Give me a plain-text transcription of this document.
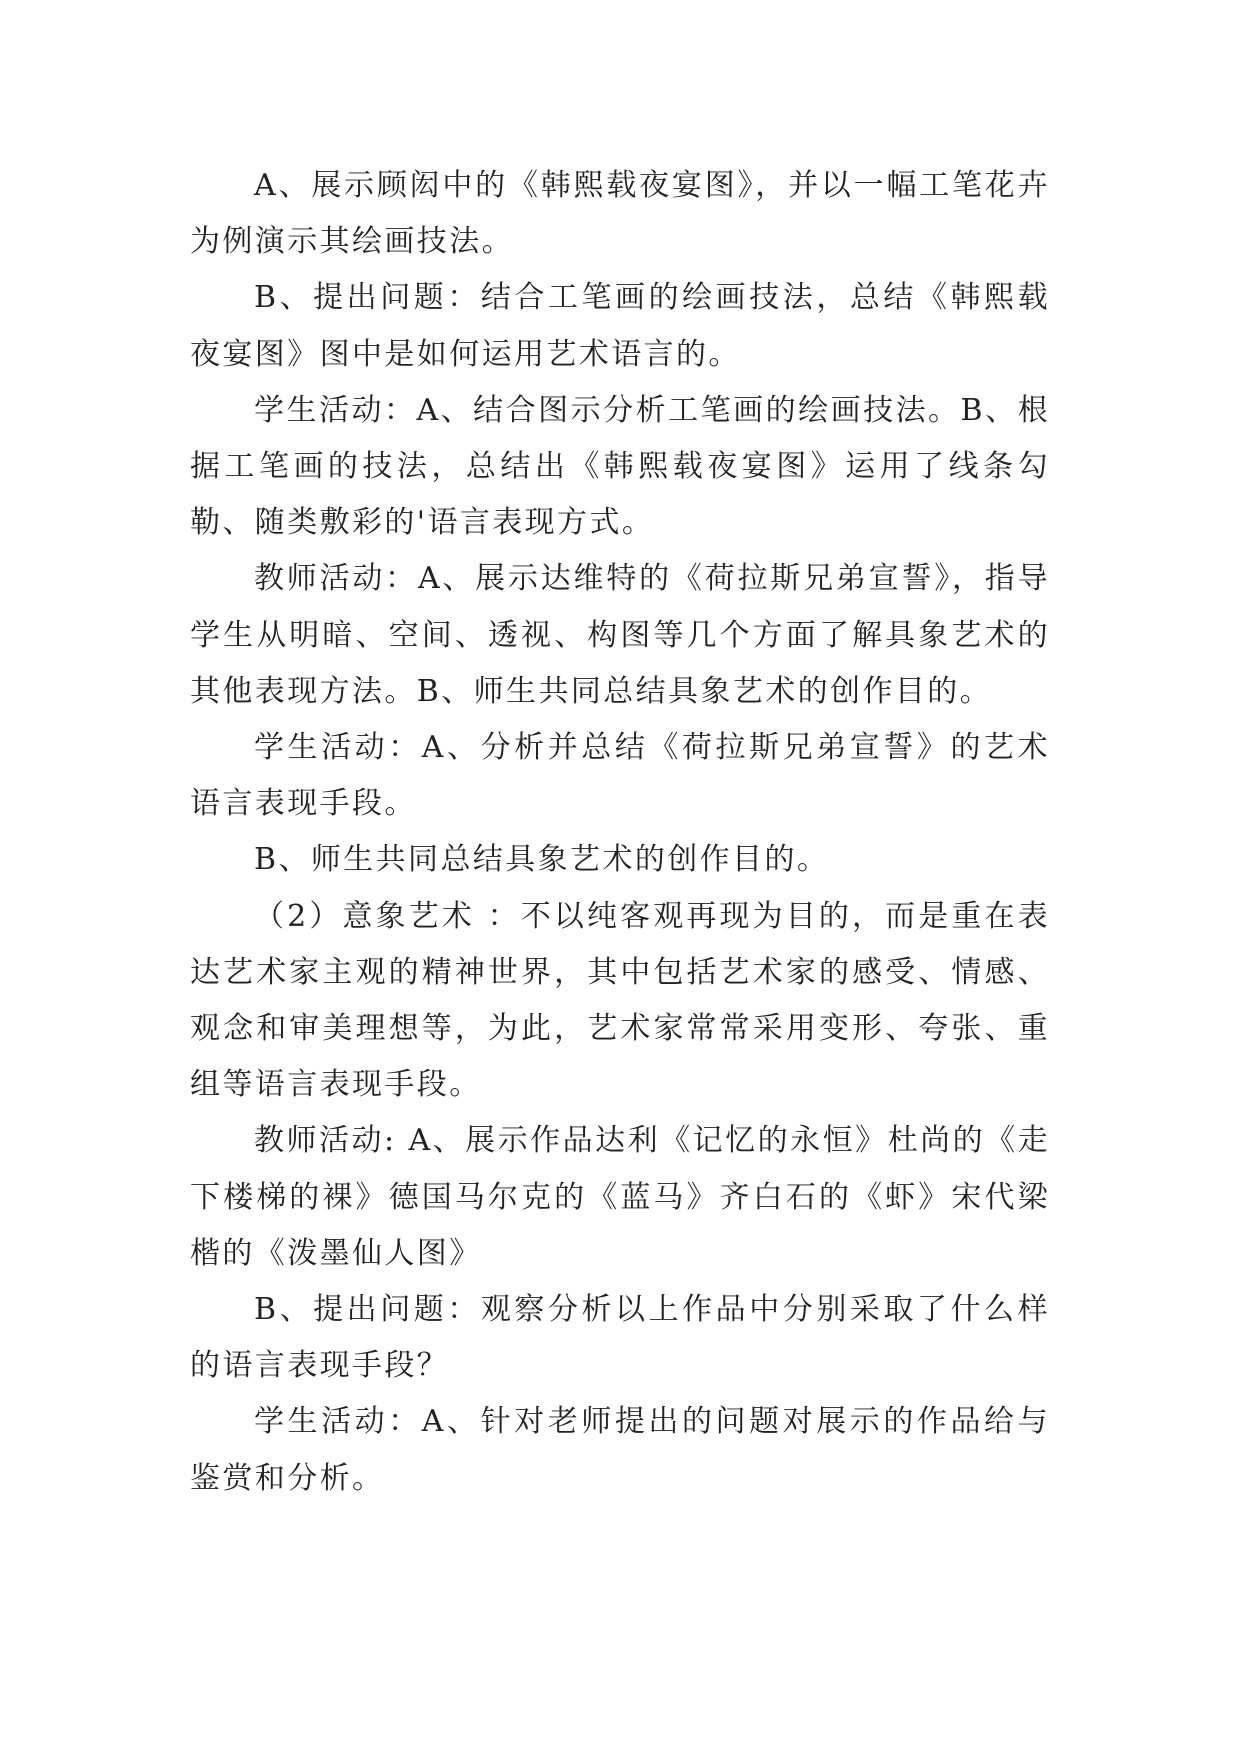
A、展示顾闳中的《韩熙载夜宴图》，并以一幅工笔花卉为例演示其绘画技法。

B、提出问题：结合工笔画的绘画技法，总结《韩熙载夜宴图》图中是如何运用艺术语言的。

学生活动：A、结合图示分析工笔画的绘画技法。B、根据工笔画的技法，总结出《韩熙载夜宴图》运用了线条勾勒、随类敷彩的'语言表现方式。

教师活动：A、展示达维特的《荷拉斯兄弟宣誓》，指导学生从明暗、空间、透视、构图等几个方面了解具象艺术的其他表现方法。B、师生共同总结具象艺术的创作目的。

学生活动：A、分析并总结《荷拉斯兄弟宣誓》的艺术语言表现手段。

B、师生共同总结具象艺术的创作目的。

（2）意象艺术 ：不以纯客观再现为目的，而是重在表达艺术家主观的精神世界，其中包括艺术家的感受、情感、观念和审美理想等，为此，艺术家常常采用变形、夸张、重组等语言表现手段。

教师活动: A、展示作品达利《记忆的永恒》杜尚的《走下楼梯的裸》德国马尔克的《蓝马》齐白石的《虾》宋代梁楷的《泼墨仙人图》

B、提出问题：观察分析以上作品中分别采取了什么样的语言表现手段？

学生活动：A、针对老师提出的问题对展示的作品给与鉴赏和分析。
